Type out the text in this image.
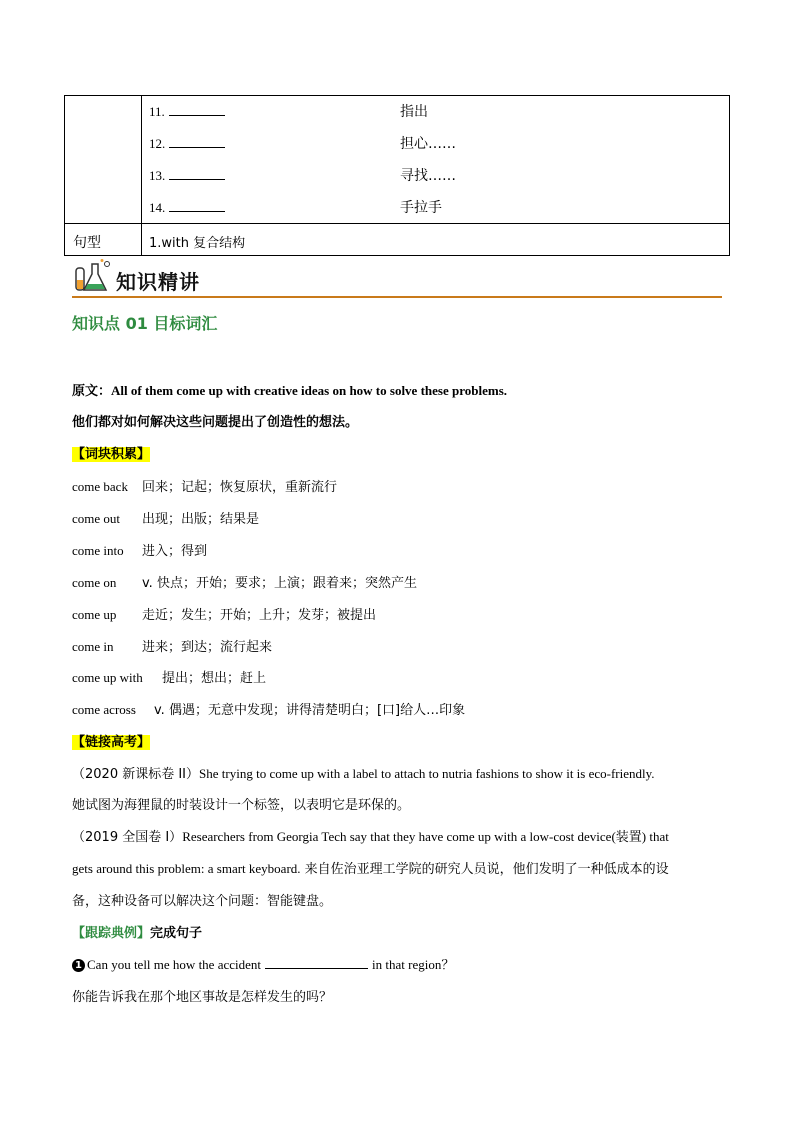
11.	指出
12.	担心……
13.	寻找……
14.	手拉手
句型	1.with 复合结构
知识精讲
知识点 01 目标词汇
原文：All of them come up with creative ideas on how to solve these problems.
他们都对如何解决这些问题提出了创造性的想法。
【词块积累】
come back 回来；记起；恢复原状，重新流行
come out 出现；出版；结果是
come into 进入；得到
come on v. 快点；开始；要求；上演；跟着来；突然产生
come up 走近；发生；开始；上升；发芽；被提出
come in 进来；到达；流行起来
come up with 提出；想出；赶上
come across v. 偶遇；无意中发现；讲得清楚明白；[口]给人…印象
【链接高考】
（2020 新课标卷 II）She trying to come up with a label to attach to nutria fashions to show it is eco-friendly.
她试图为海狸鼠的时装设计一个标签，以表明它是环保的。
（2019 全国卷 I）Researchers from Georgia Tech say that they have come up with a low-cost device(装置) that
gets around this problem: a smart keyboard. 来自佐治亚理工学院的研究人员说，他们发明了一种低成本的设
备，这种设备可以解决这个问题：智能键盘。
【跟踪典例】完成句子
1 Can you tell me how the accident	in that region？
你能告诉我在那个地区事故是怎样发生的吗？
